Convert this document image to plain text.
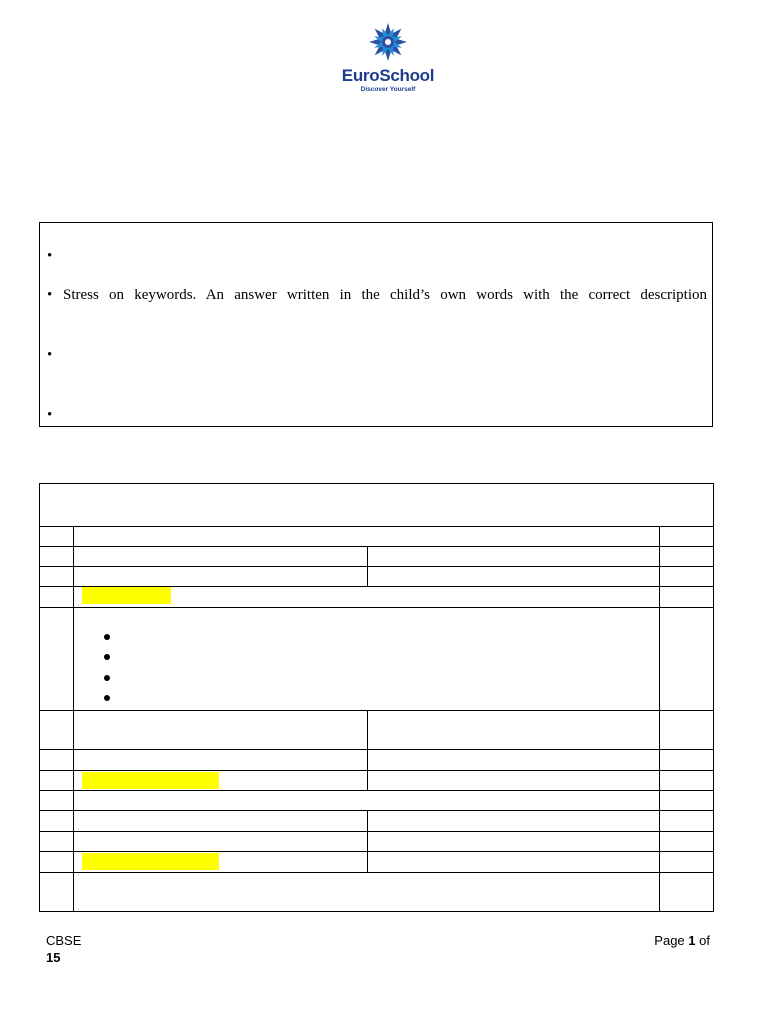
EuroSchool
Discover Yourself
•
• Stress on keywords. An answer written in the child’s own words with the correct description
•
•
CBSE
15
Page 1 of
